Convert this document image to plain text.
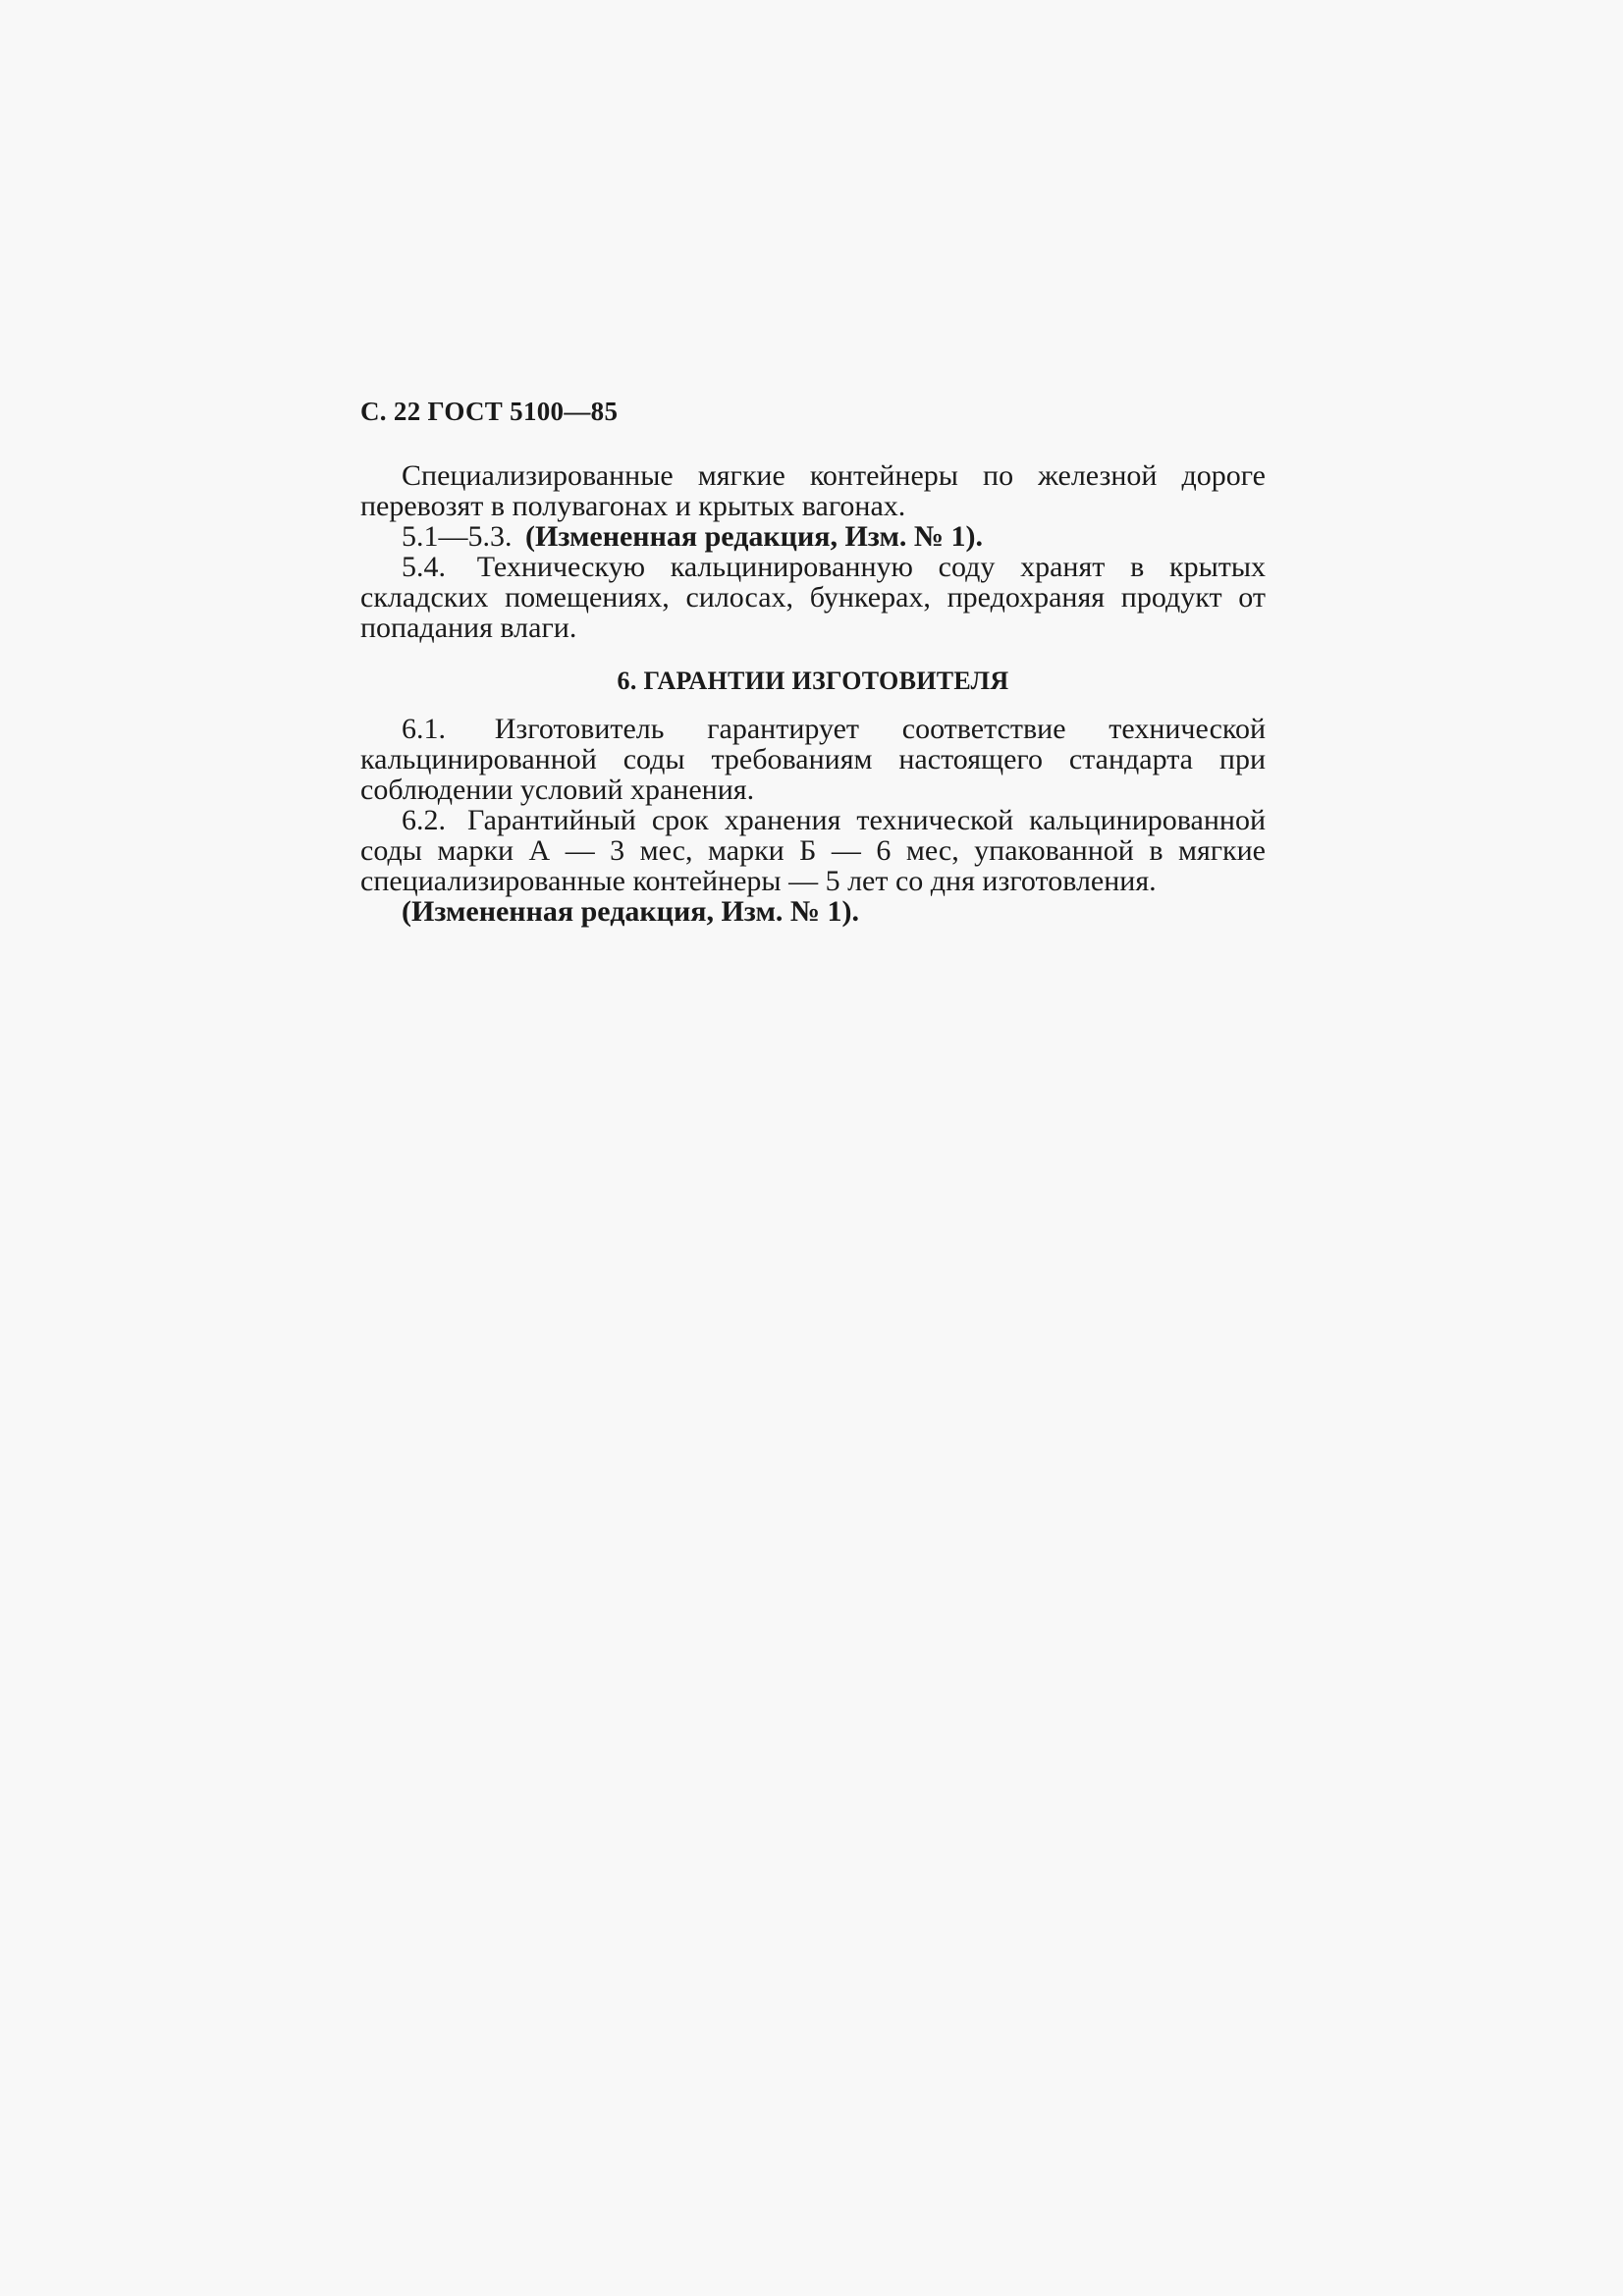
С. 22 ГОСТ 5100—85

Специализированные мягкие контейнеры по железной дороге перевозят в полувагонах и крытых вагонах.

5.1—5.3. (Измененная редакция, Изм. № 1).

5.4. Техническую кальцинированную соду хранят в крытых складских помещениях, силосах, бункерах, предохраняя продукт от попадания влаги.

6. ГАРАНТИИ ИЗГОТОВИТЕЛЯ

6.1. Изготовитель гарантирует соответствие технической кальцинированной соды требованиям настоящего стандарта при соблюдении условий хранения.

6.2. Гарантийный срок хранения технической кальцинированной соды марки А — 3 мес, марки Б — 6 мес, упакованной в мягкие специализированные контейнеры — 5 лет со дня изготовления.

(Измененная редакция, Изм. № 1).
